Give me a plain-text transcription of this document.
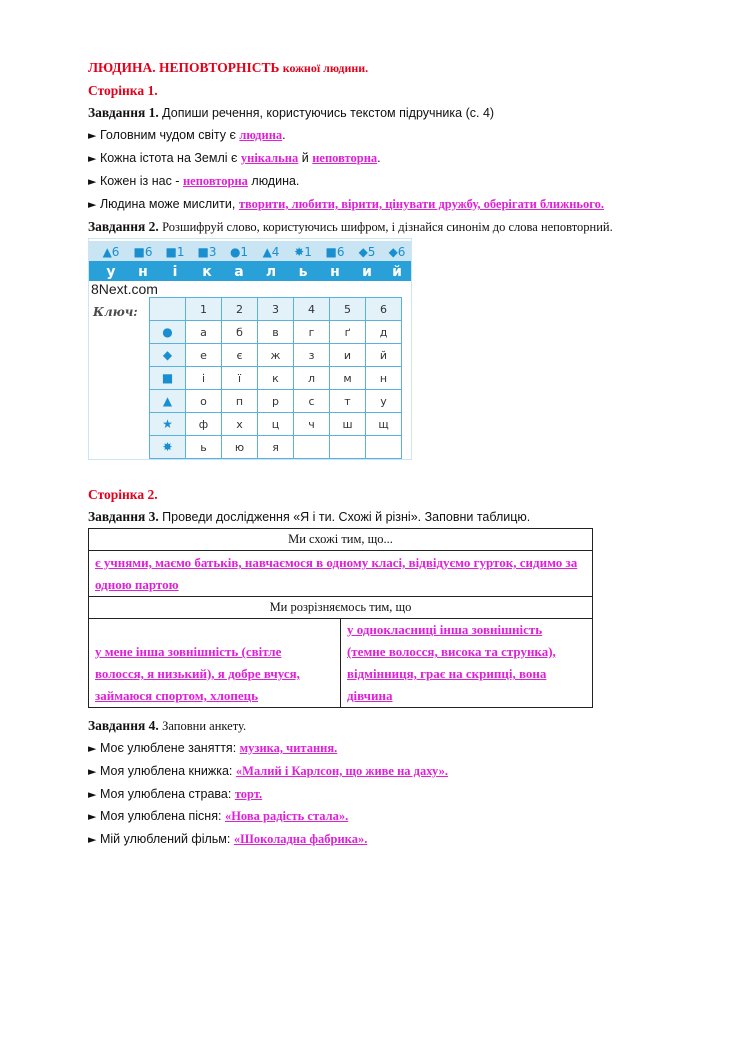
ЛЮДИНА. НЕПОВТОРНІСТЬ кожної людини.
Сторінка 1.
Завдання 1. Допиши речення, користуючись текстом підручника (с. 4)
► Головним чудом світу є людина.
► Кожна істота на Землі є унікальна й неповторна.
► Кожен із нас - неповторна людина.
► Людина може мислити, творити, любити, вірити, цінувати дружбу, оберігати ближнього.
Завдання 2. Розшифруй слово, користуючись шифром, і дізнайся синонім до слова неповторний.
▲6	■6	■1	■3	●1	▲4	✸1	■6	◆5	◆6
у	н	і	к	а	л	ь	н	и	й
8Next.com
Ключ:
		1	2	3	4	5	6
●	а	б	в	г	ґ	д
◆	е	є	ж	з	и	й
■	і	ї	к	л	м	н
▲	о	п	р	с	т	у
★	ф	х	ц	ч	ш	щ
✸	ь	ю	я			
Сторінка 2.
Завдання 3. Проведи дослідження «Я і ти. Схожі й різні». Заповни таблицю.
Ми схожі тим, що...

є учнями, маємо батьків, навчаємося в одному класі, відвідуємо гурток, сидимо за
одною партою

Ми розрізняємось тим, що

у мене інша зовнішність (світле
волосся, я низький), я добре вчуся,
займаюся спортом, хлопець

у однокласниці інша зовнішність
(темне волосся, висока та струнка),
відмінниця, грає на скрипці, вона
дівчина
Завдання 4. Заповни анкету.
► Моє улюблене заняття: музика, читання.
► Моя улюблена книжка: «Малий і Карлсон, що живе на даху».
► Моя улюблена страва: торт.
► Моя улюблена пісня: «Нова радість стала».
► Мій улюблений фільм: «Шоколадна фабрика».
